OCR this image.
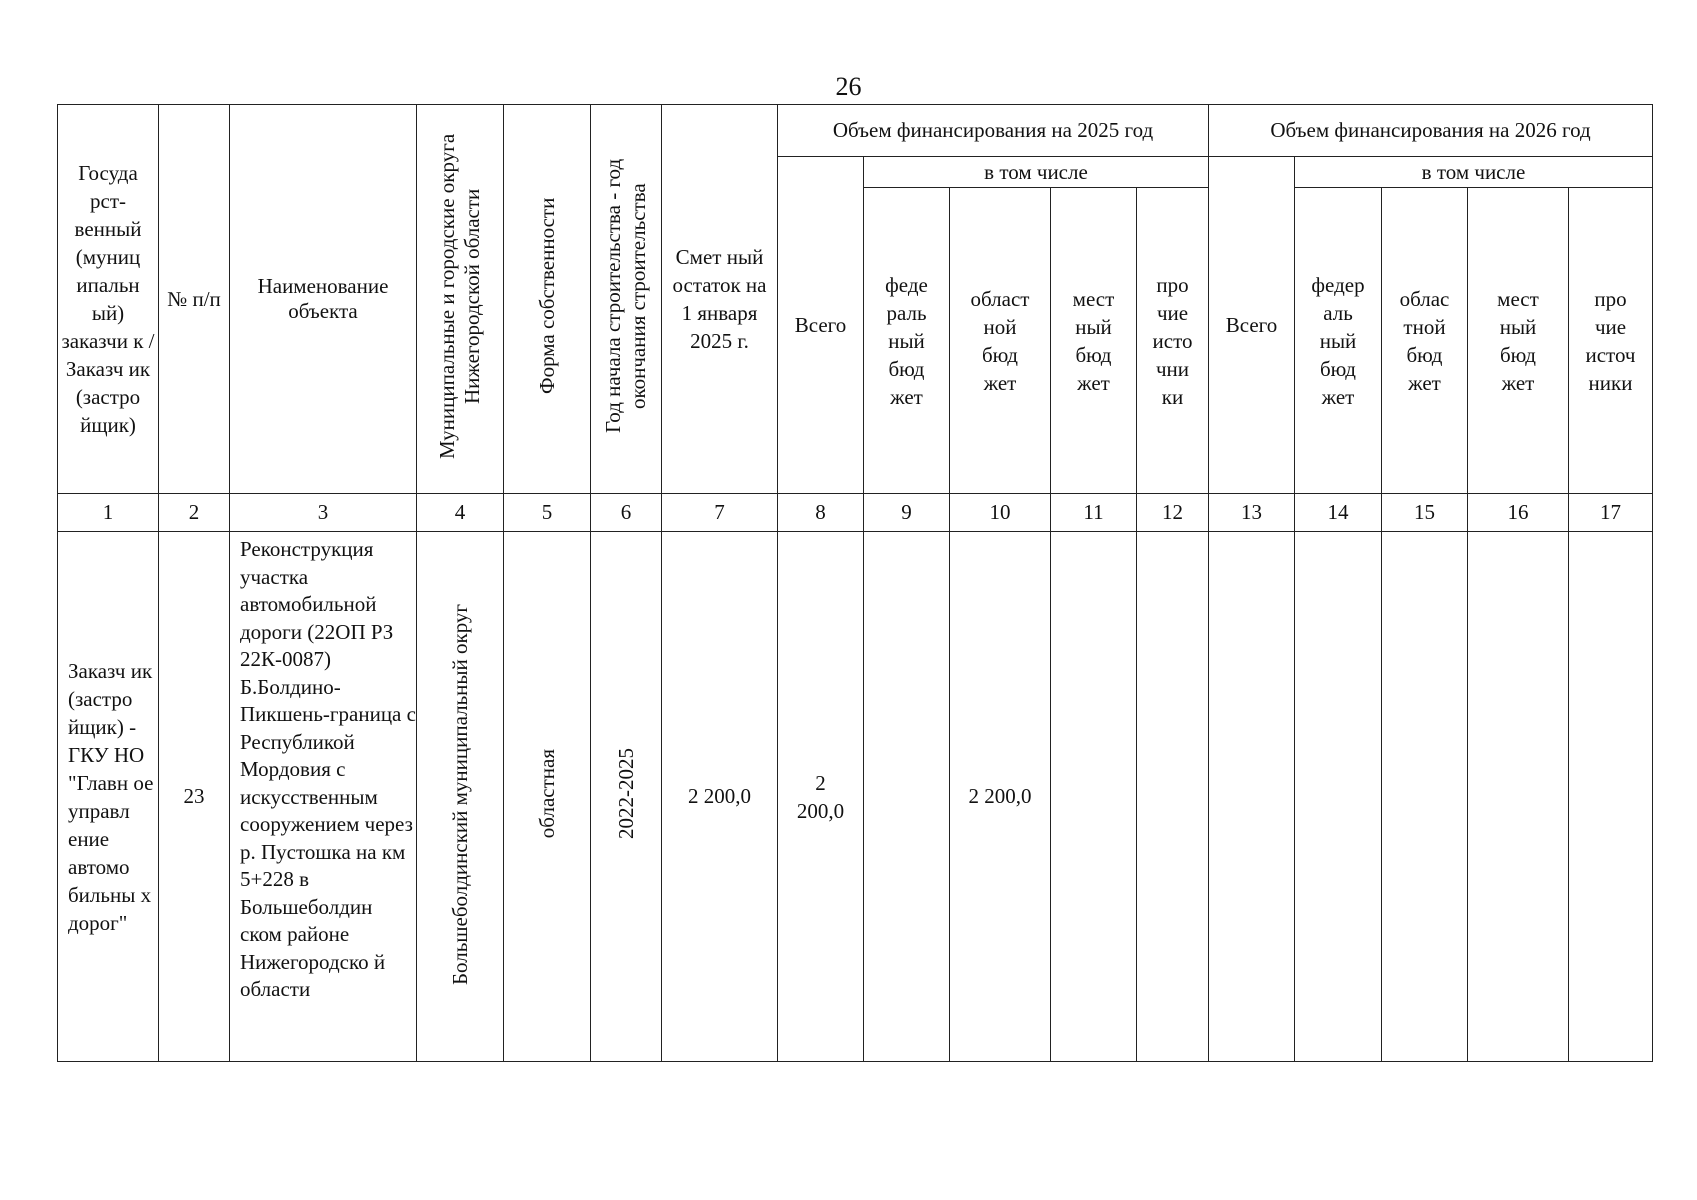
26
Госуда рст-венный (муниц ипальн ый) заказчи к / Заказч ик (застро йщик)	№ п/п	Наименование объекта	Муниципальные и городские округа Нижегородской области	Форма собственности	Год начала строительства - год окончания строительства	Смет ный остаток на 1 января 2025 г.	Объем финансирования на 2025 год					Объем финансирования на 2026 год				
							Всего	в том числе				Всего	в том числе			
								феде раль ный бюд жет	област ной бюд жет	мест ный бюд жет	про чие исто чни ки		федер аль ный бюд жет	облас тной бюд жет	мест ный бюд жет	про чие источ ники
1	2	3	4	5	6	7	8	9	10	11	12	13	14	15	16	17
Заказч ик (застро йщик) - ГКУ НО "Главн ое управл ение автомо бильны х дорог"	23	Реконструкция участка автомобильной дороги (22ОП РЗ 22К-0087) Б.Болдино-Пикшень-граница с Республикой Мордовия с искусственным сооружением через р. Пустошка на км 5+228 в Большеболдин ском районе Нижегородско й области	Большеболдинский муниципальный округ	областная	2022-2025	2 200,0	2 200,0		2 200,0							
